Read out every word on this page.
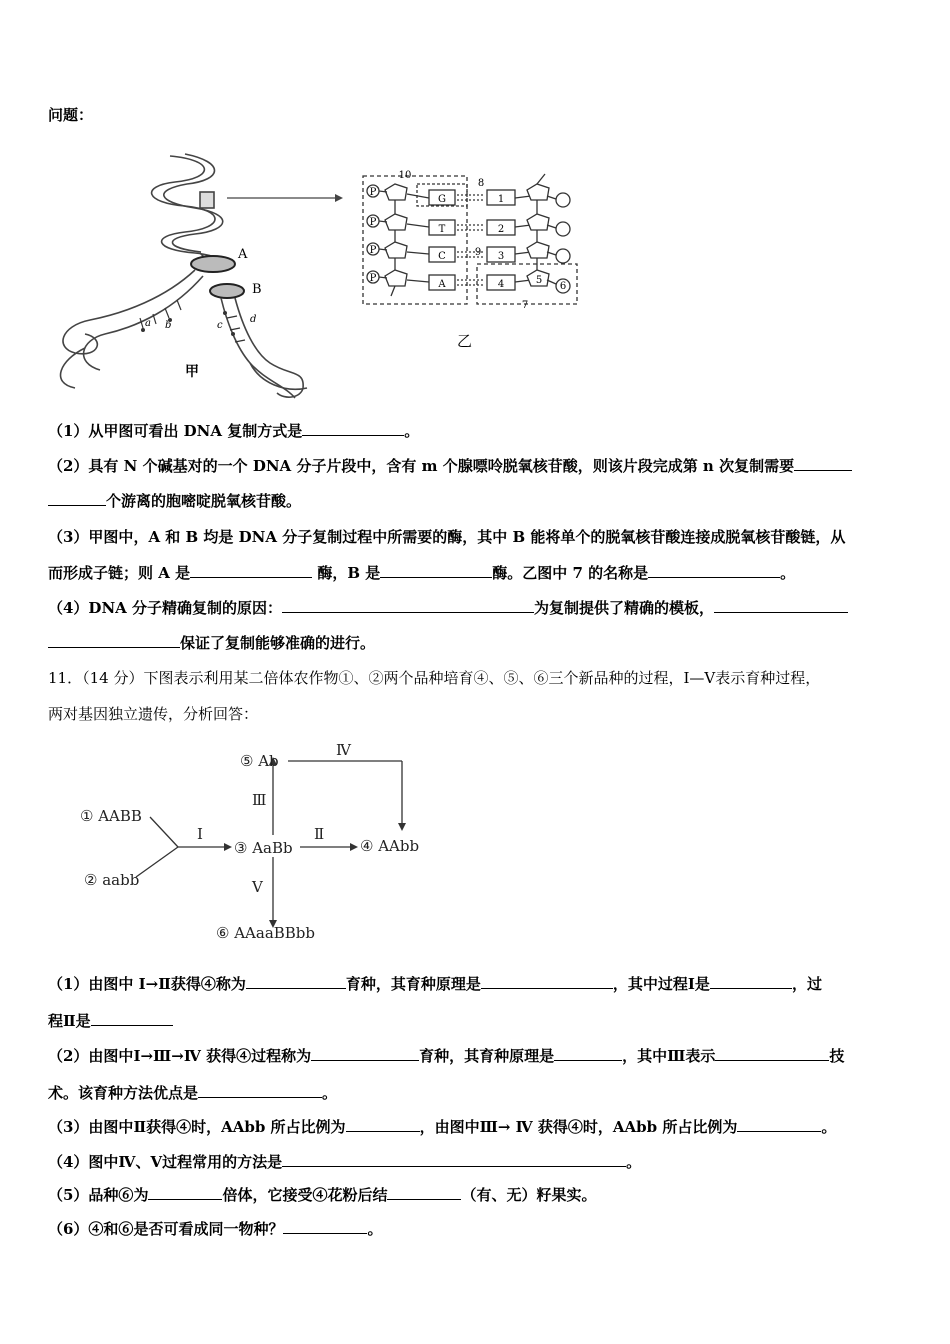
问题：
A
B
a b	c
d
甲
P
P
P
P
G
T
C
A
1
2
3
4
10
8
9
5
6
7
乙
（1）从甲图可看出 DNA 复制方式是	。
（2）具有 N 个碱基对的一个 DNA 分子片段中，含有 m 个腺嘌呤脱氧核苷酸，则该片段完成第 n 次复制需要
个游离的胞嘧啶脱氧核苷酸。
（3）甲图中，A 和 B 均是 DNA 分子复制过程中所需要的酶，其中 B 能将单个的脱氧核苷酸连接成脱氧核苷酸链，从
而形成子链；则 A 是	酶，B 是	酶。乙图中 7 的名称是	。
（4）DNA 分子精确复制的原因：	为复制提供了精确的模板，
保证了复制能够准确的进行。
11．（14 分）下图表示利用某二倍体农作物①、②两个品种培育④、⑤、⑥三个新品种的过程，Ⅰ—Ⅴ表示育种过程，
两对基因独立遗传，分析回答：
① AABB
② aabb
③ AaBb	④ AAbb
⑤ Ab
⑥ AAaaBBbb
Ⅰ	Ⅱ
Ⅲ
Ⅳ
Ⅴ
（1）由图中 Ⅰ→Ⅱ获得④称为	育种，其育种原理是	，其中过程Ⅰ是	，过
程Ⅱ是
（2）由图中Ⅰ→Ⅲ→Ⅳ 获得④过程称为	育种，其育种原理是	，其中Ⅲ表示	技
术。该育种方法优点是	。
（3）由图中Ⅱ获得④时，AAbb 所占比例为	，由图中Ⅲ→ Ⅳ 获得④时，AAbb 所占比例为	。
（4）图中Ⅳ、Ⅴ过程常用的方法是	。
（5）品种⑥为	倍体，它接受④花粉后结	（有、无）籽果实。
（6）④和⑥是否可看成同一物种？	。
